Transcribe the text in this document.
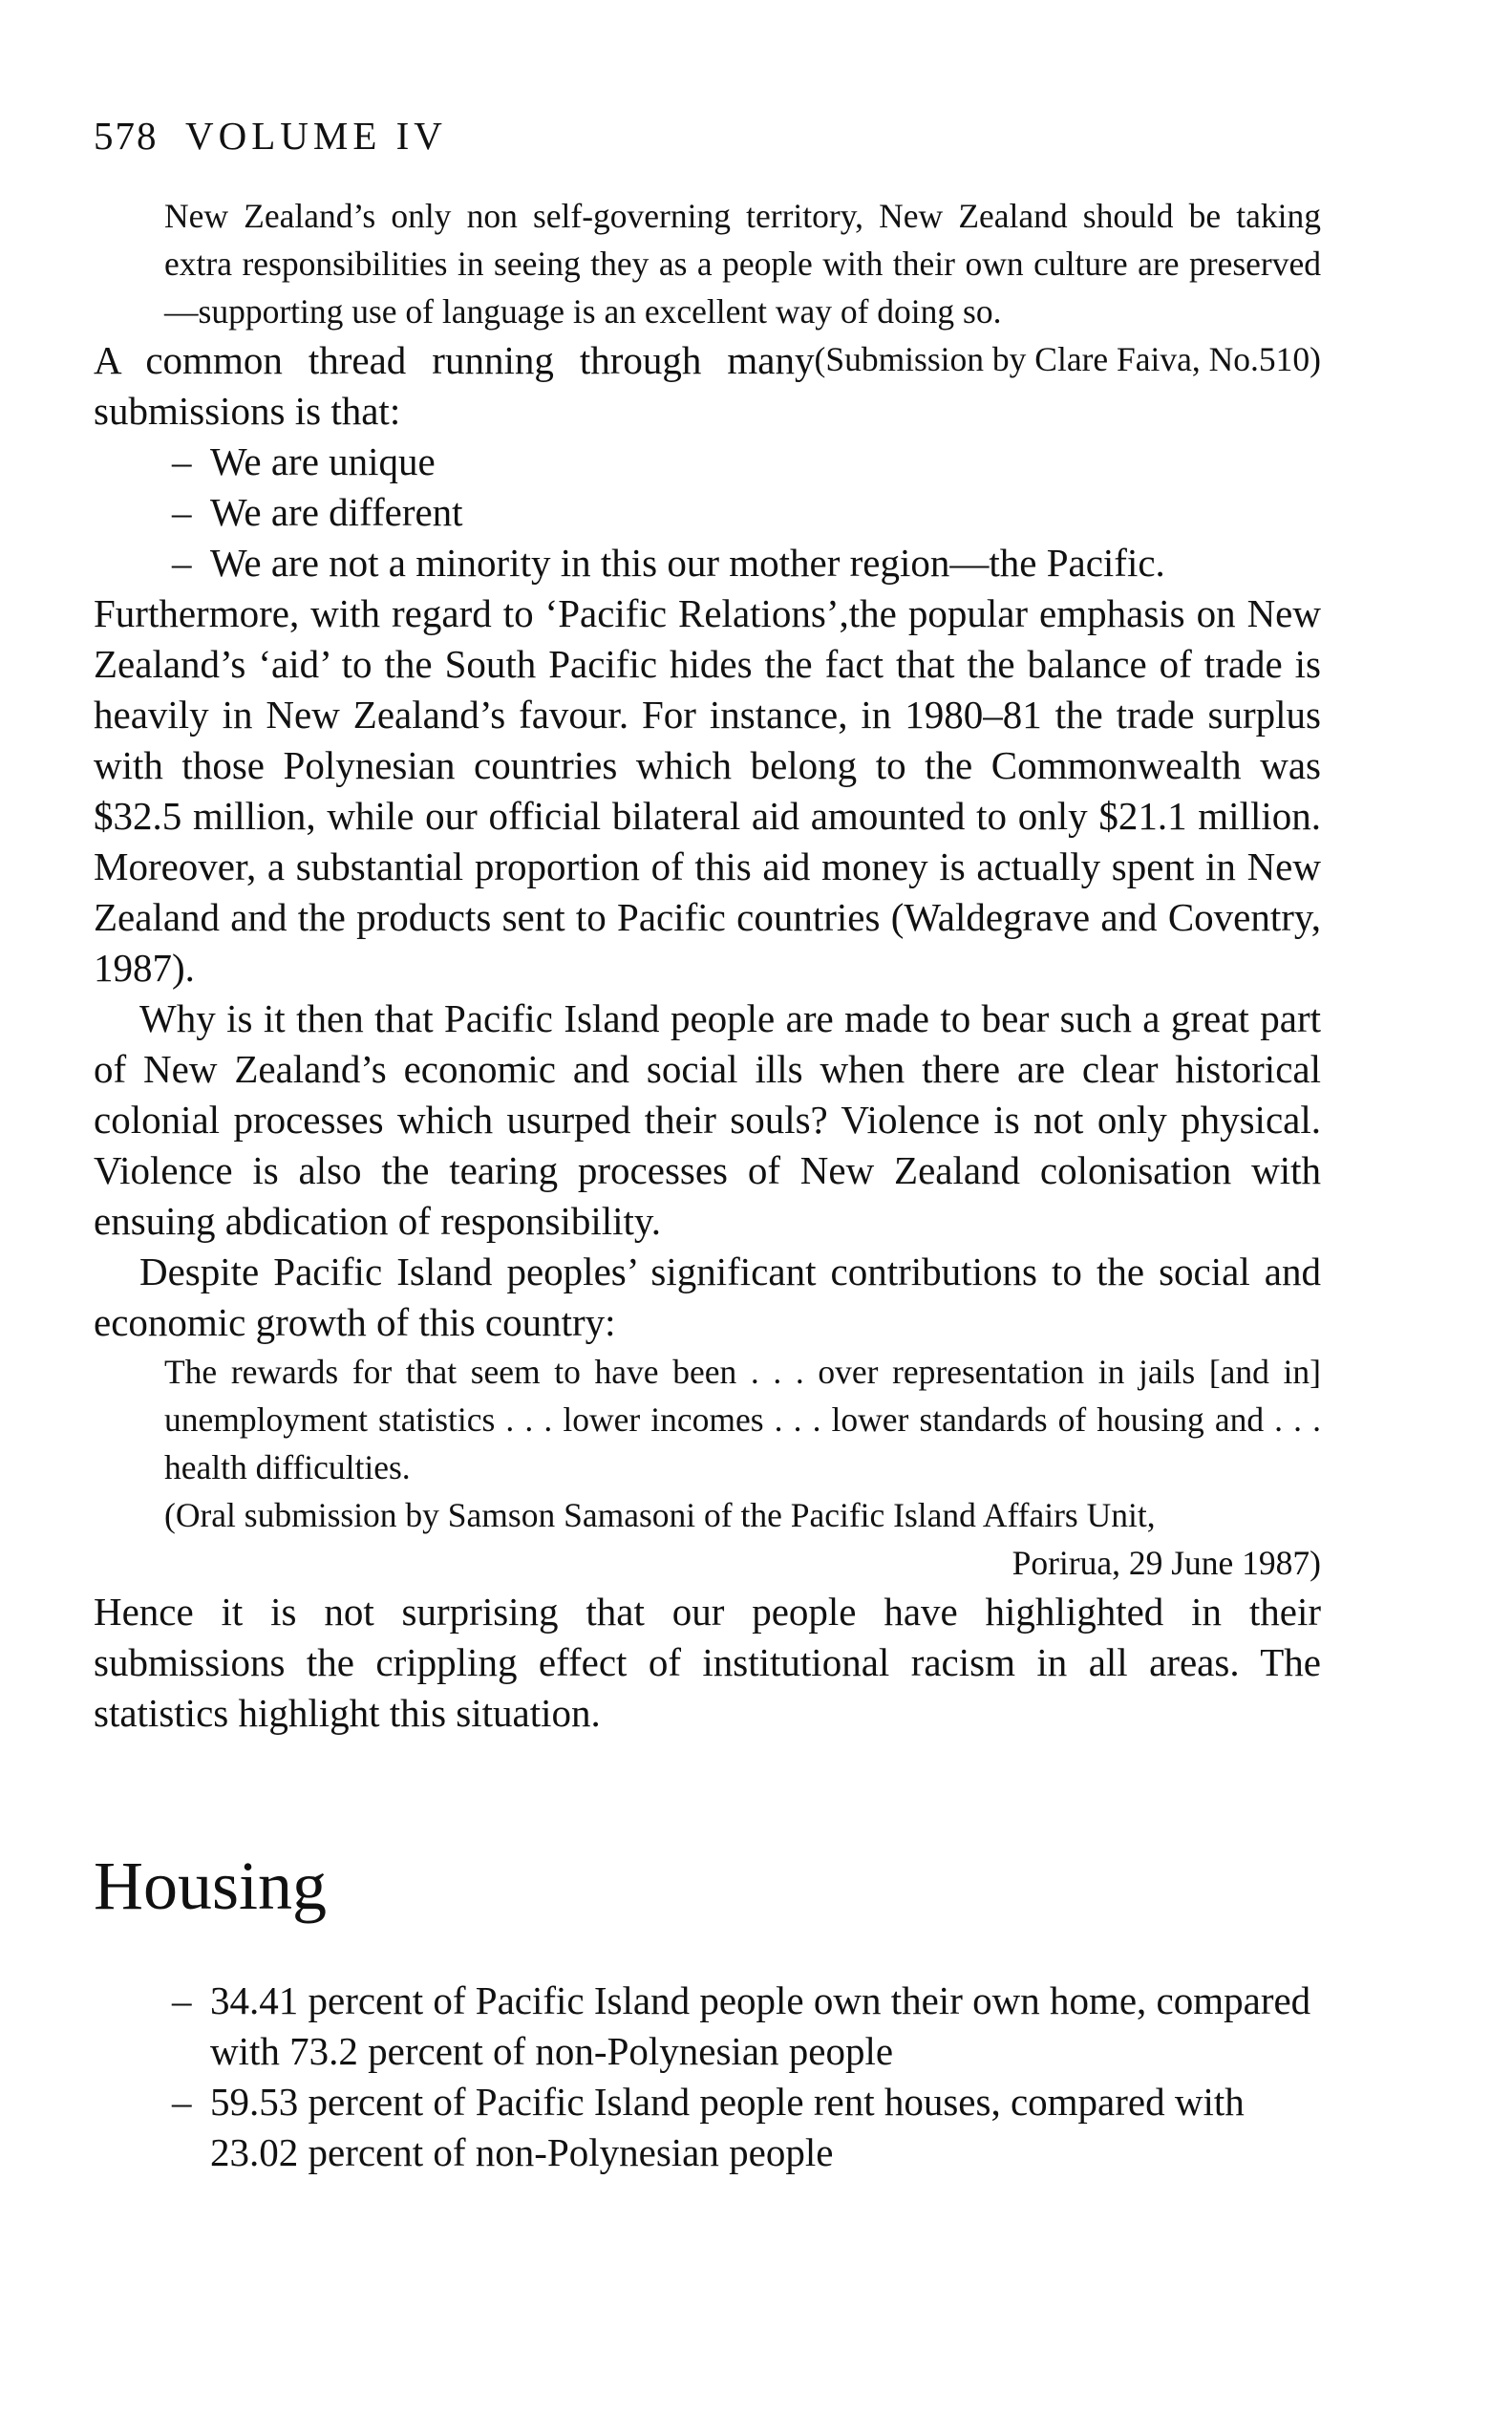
578 VOLUME IV
New Zealand’s only non self-governing territory, New Zealand should be taking extra responsibilities in seeing they as a people with their own culture are preserved—supporting use of language is an excellent way of doing so.
(Submission by Clare Faiva, No.510)

A common thread running through many submissions is that:

– We are unique
– We are different
– We are not a minority in this our mother region—the Pacific.

Furthermore, with regard to ‘Pacific Relations’,the popular emphasis on New Zealand’s ‘aid’ to the South Pacific hides the fact that the balance of trade is heavily in New Zealand’s favour. For instance, in 1980–81 the trade surplus with those Polynesian countries which belong to the Commonwealth was $32.5 million, while our official bilateral aid amounted to only $21.1 million. Moreover, a substantial proportion of this aid money is actually spent in New Zealand and the products sent to Pacific countries (Waldegrave and Coventry, 1987).

Why is it then that Pacific Island people are made to bear such a great part of New Zealand’s economic and social ills when there are clear historical colonial processes which usurped their souls? Violence is not only physical. Violence is also the tearing processes of New Zealand colonisation with ensuing abdication of responsibility.

Despite Pacific Island peoples’ significant contributions to the social and economic growth of this country:

The rewards for that seem to have been . . . over representation in jails [and in] unemployment statistics . . . lower incomes . . . lower standards of housing and . . . health difficulties.
(Oral submission by Samson Samasoni of the Pacific Island Affairs Unit,
Porirua, 29 June 1987)

Hence it is not surprising that our people have highlighted in their submissions the crippling effect of institutional racism in all areas. The statistics highlight this situation.

Housing
– 34.41 percent of Pacific Island people own their own home, compared with 73.2 percent of non-Polynesian people
– 59.53 percent of Pacific Island people rent houses, compared with 23.02 percent of non-Polynesian people
